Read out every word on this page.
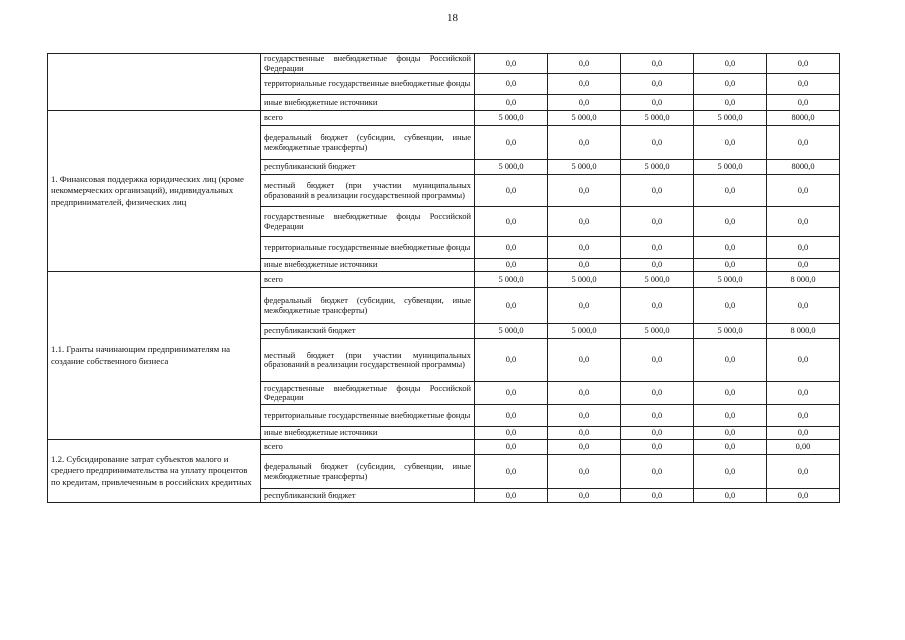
18
	государственные внебюджетные фонды Российской Федерации	0,0	0,0	0,0	0,0	0,0
	территориальные государственные внебюджетные фонды	0,0	0,0	0,0	0,0	0,0
	иные внебюджетные источники	0,0	0,0	0,0	0,0	0,0
1. Финансовая поддержка юридических лиц (кроме некоммерческих организаций), индивидуальных предпринимателей, физических лиц	всего	5 000,0	5 000,0	5 000,0	5 000,0	8000,0
	федеральный бюджет (субсидии, субвенции, иные межбюджетные трансферты)	0,0	0,0	0,0	0,0	0,0
	республиканский бюджет	5 000,0	5 000,0	5 000,0	5 000,0	8000,0
	местный бюджет (при участии муниципальных образований в реализации государственной программы)	0,0	0,0	0,0	0,0	0,0
	государственные внебюджетные фонды Российской Федерации	0,0	0,0	0,0	0,0	0,0
	территориальные государственные внебюджетные фонды	0,0	0,0	0,0	0,0	0,0
	иные внебюджетные источники	0,0	0,0	0,0	0,0	0,0
1.1. Гранты начинающим предпринимателям на создание собственного бизнеса	всего	5 000,0	5 000,0	5 000,0	5 000,0	8 000,0
	федеральный бюджет (субсидии, субвенции, иные межбюджетные трансферты)	0,0	0,0	0,0	0,0	0,0
	республиканский бюджет	5 000,0	5 000,0	5 000,0	5 000,0	8 000,0
	местный бюджет (при участии муниципальных образований в реализации государственной программы)	0,0	0,0	0,0	0,0	0,0
	государственные внебюджетные фонды Российской Федерации	0,0	0,0	0,0	0,0	0,0
	территориальные государственные внебюджетные фонды	0,0	0,0	0,0	0,0	0,0
	иные внебюджетные источники	0,0	0,0	0,0	0,0	0,0
1.2. Субсидирование затрат субъектов малого и среднего предпринимательства на уплату процентов по кредитам, привлеченным в российских кредитных	всего	0,0	0,0	0,0	0,0	0,00
	федеральный бюджет (субсидии, субвенции, иные межбюджетные трансферты)	0,0	0,0	0,0	0,0	0,0
	республиканский бюджет	0,0	0,0	0,0	0,0	0,0
